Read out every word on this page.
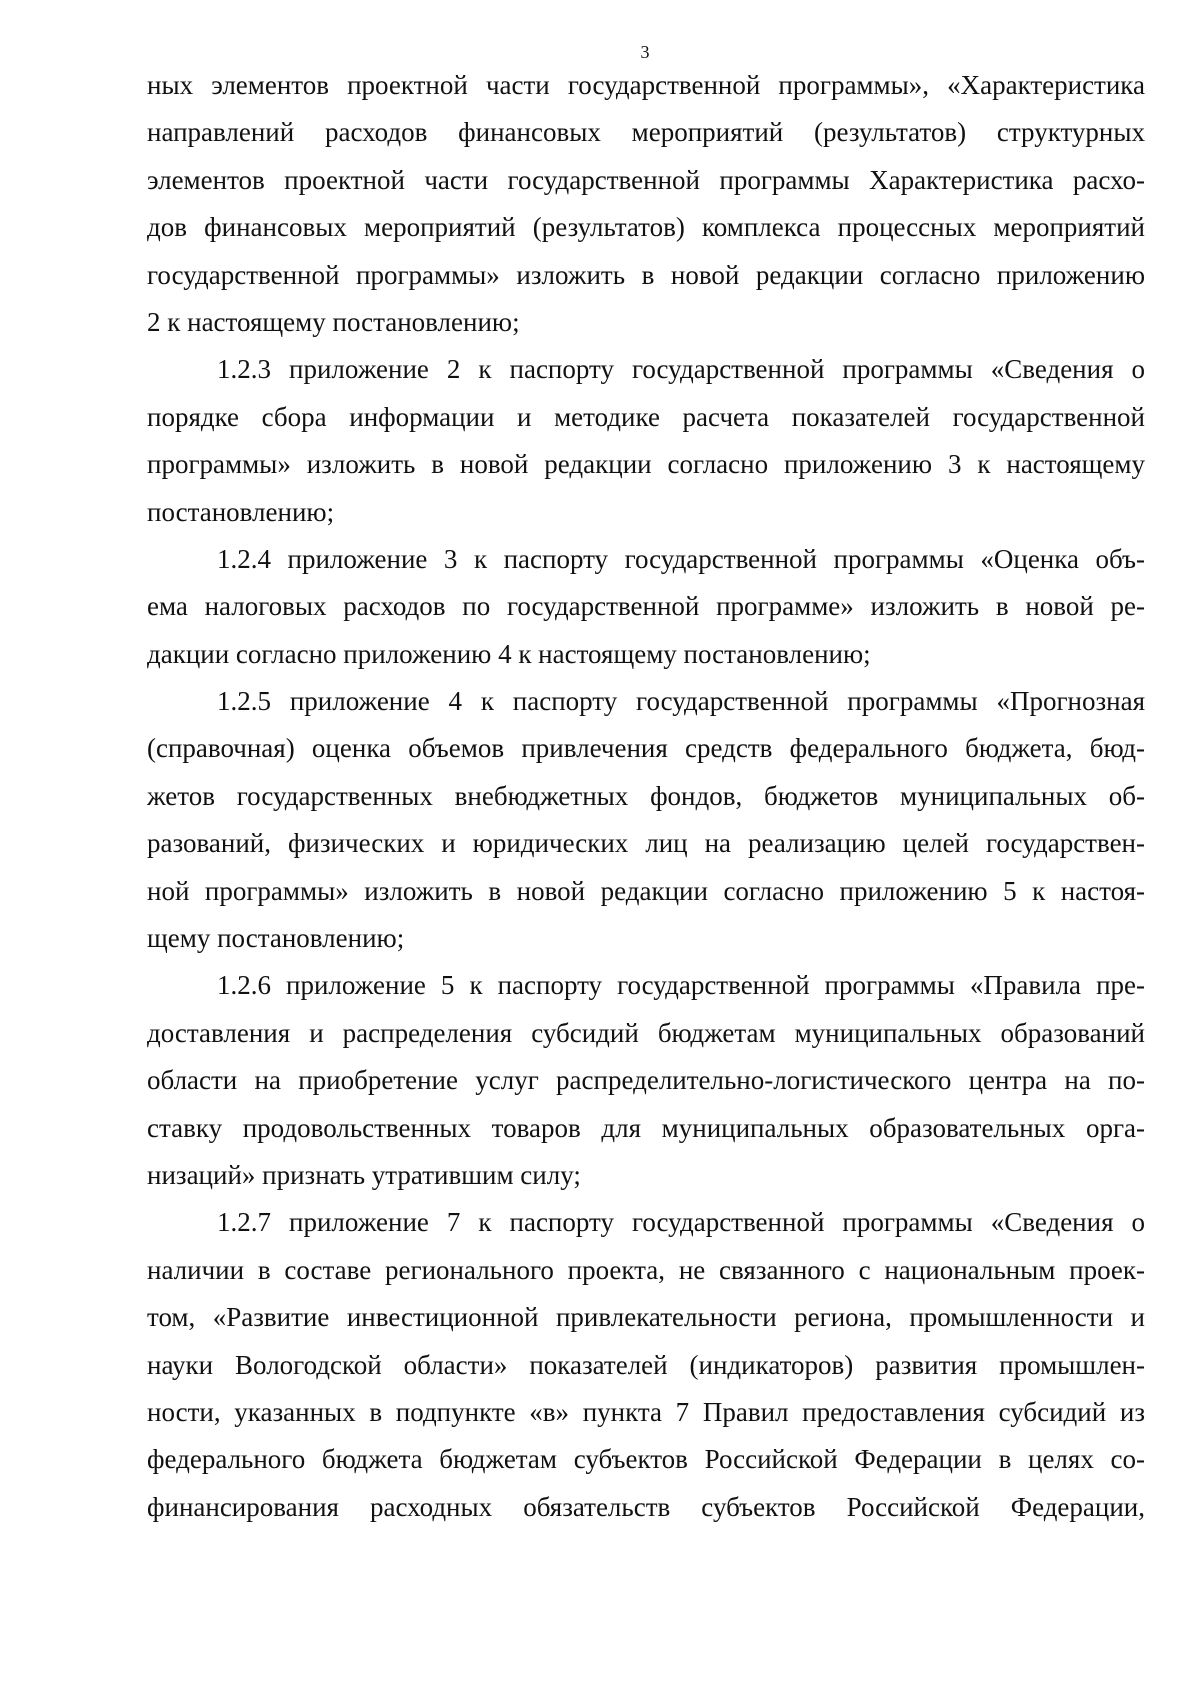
3
ных элементов проектной части государственной программы», «Характеристика
направлений расходов финансовых мероприятий (результатов) структурных
элементов проектной части государственной программы Характеристика расхо-
дов финансовых мероприятий (результатов) комплекса процессных мероприятий
государственной программы» изложить в новой редакции согласно приложению
2 к настоящему постановлению;
1.2.3 приложение 2 к паспорту государственной программы «Сведения о
порядке сбора информации и методике расчета показателей государственной
программы» изложить в новой редакции согласно приложению 3 к настоящему
постановлению;
1.2.4 приложение 3 к паспорту государственной программы «Оценка объ-
ема налоговых расходов по государственной программе» изложить в новой ре-
дакции согласно приложению 4 к настоящему постановлению;
1.2.5 приложение 4 к паспорту государственной программы «Прогнозная
(справочная) оценка объемов привлечения средств федерального бюджета, бюд-
жетов государственных внебюджетных фондов, бюджетов муниципальных об-
разований, физических и юридических лиц на реализацию целей государствен-
ной программы» изложить в новой редакции согласно приложению 5 к настоя-
щему постановлению;
1.2.6 приложение 5 к паспорту государственной программы «Правила пре-
доставления и распределения субсидий бюджетам муниципальных образований
области на приобретение услуг распределительно-логистического центра на по-
ставку продовольственных товаров для муниципальных образовательных орга-
низаций» признать утратившим силу;
1.2.7 приложение 7 к паспорту государственной программы «Сведения о
наличии в составе регионального проекта, не связанного с национальным проек-
том, «Развитие инвестиционной привлекательности региона, промышленности и
науки Вологодской области» показателей (индикаторов) развития промышлен-
ности, указанных в подпункте «в» пункта 7 Правил предоставления субсидий из
федерального бюджета бюджетам субъектов Российской Федерации в целях со-
финансирования расходных обязательств субъектов Российской Федерации,
